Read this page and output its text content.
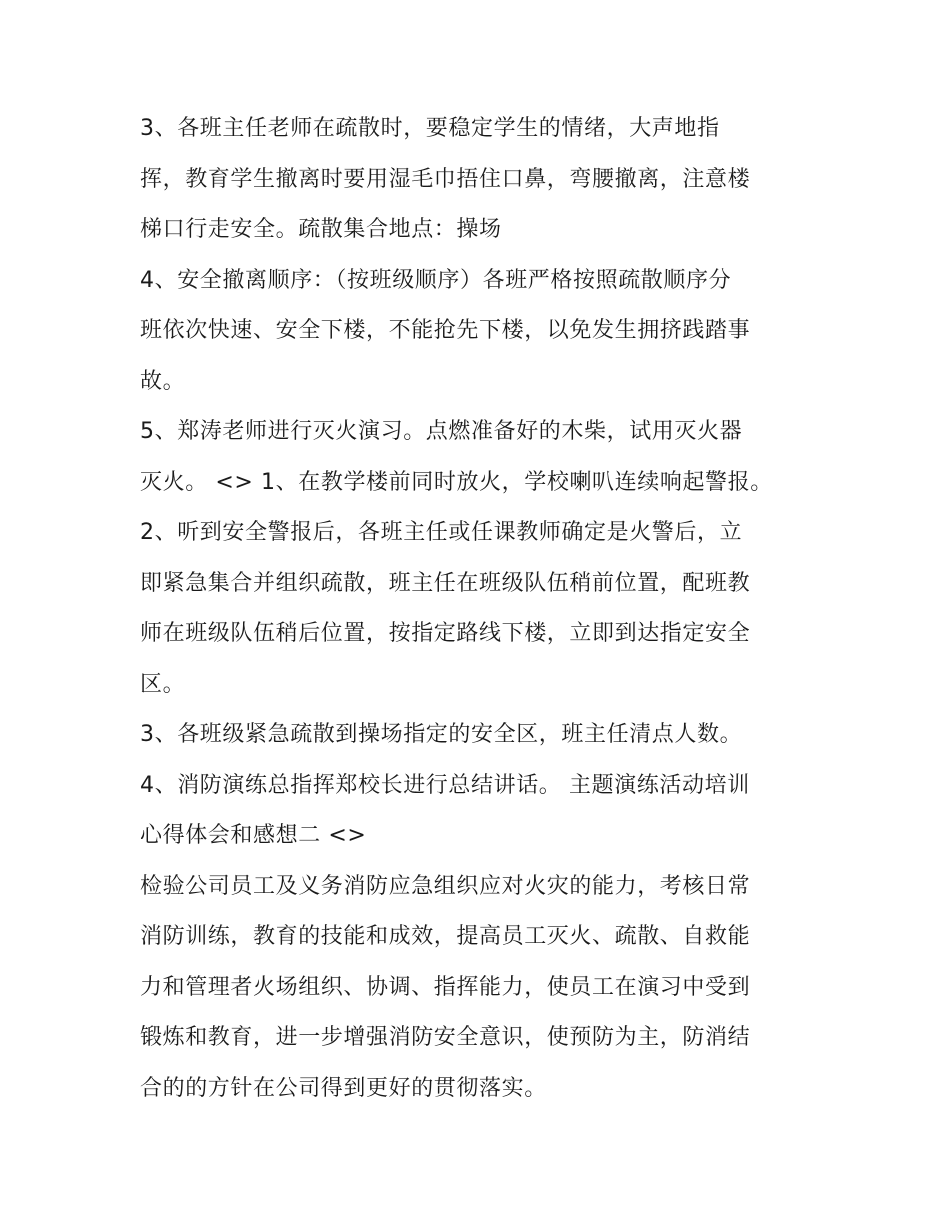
3、各班主任老师在疏散时，要稳定学生的情绪，大声地指
挥，教育学生撤离时要用湿毛巾捂住口鼻，弯腰撤离，注意楼
梯口行走安全。疏散集合地点：操场

4、安全撤离顺序：（按班级顺序）各班严格按照疏散顺序分
班依次快速、安全下楼，不能抢先下楼，以免发生拥挤践踏事
故。

5、郑涛老师进行灭火演习。点燃准备好的木柴，试用灭火器
灭火。 <> 1、在教学楼前同时放火，学校喇叭连续响起警报。

2、听到安全警报后，各班主任或任课教师确定是火警后，立
即紧急集合并组织疏散，班主任在班级队伍稍前位置，配班教
师在班级队伍稍后位置，按指定路线下楼，立即到达指定安全
区。

3、各班级紧急疏散到操场指定的安全区，班主任清点人数。

4、消防演练总指挥郑校长进行总结讲话。 主题演练活动培训
心得体会和感想二 <>

检验公司员工及义务消防应急组织应对火灾的能力，考核日常
消防训练，教育的技能和成效，提高员工灭火、疏散、自救能
力和管理者火场组织、协调、指挥能力，使员工在演习中受到
锻炼和教育，进一步增强消防安全意识，使预防为主，防消结
合的的方针在公司得到更好的贯彻落实。
